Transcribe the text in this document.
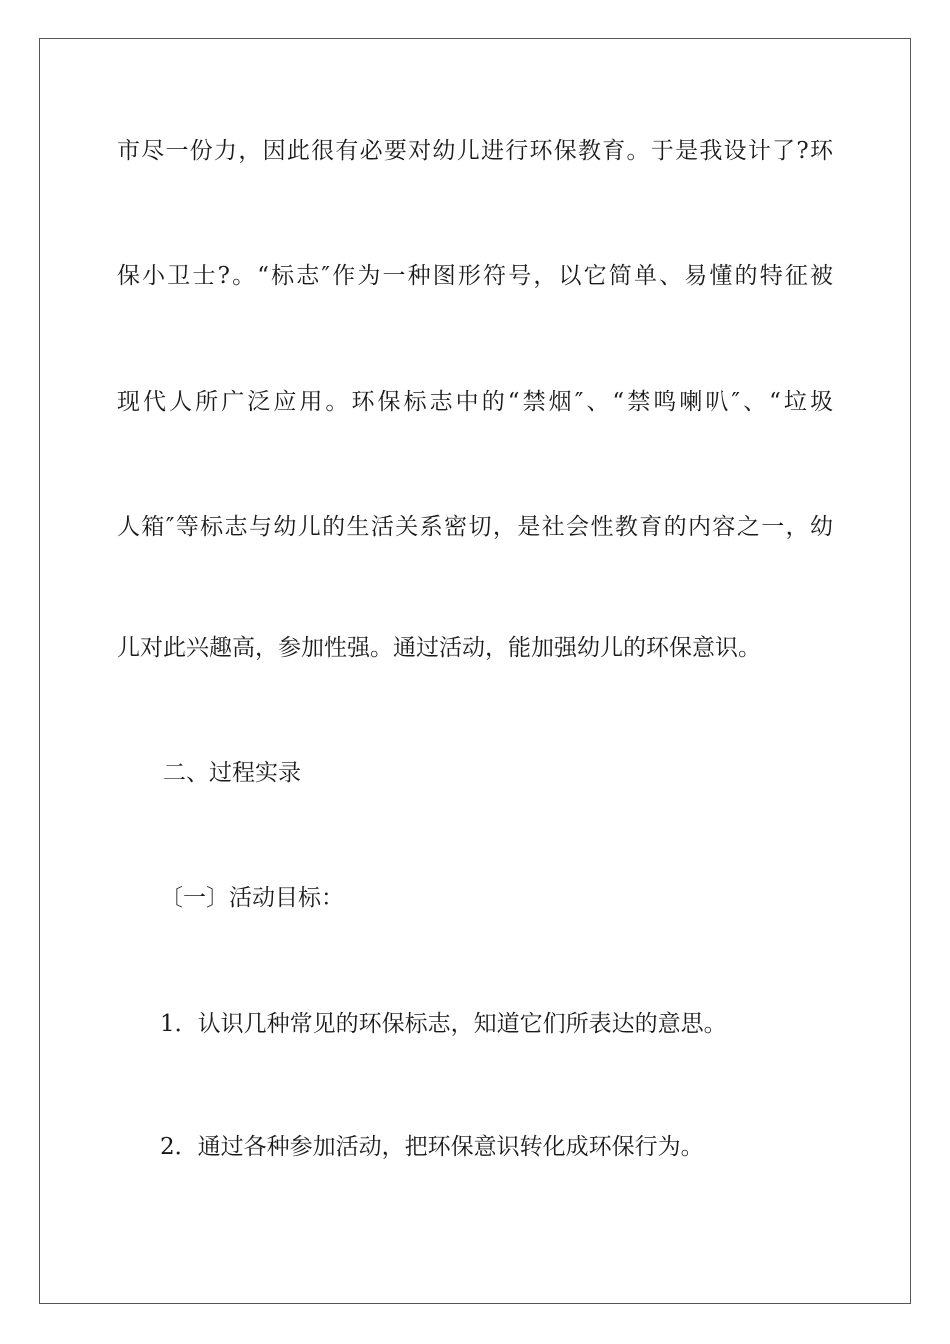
市尽一份力，因此很有必要对幼儿进行环保教育。于是我设计了?环
保小卫士?。“标志″作为一种图形符号，以它简单、易懂的特征被
现代人所广泛应用。环保标志中的“禁烟″、“禁鸣喇叭″、“垃圾
人箱″等标志与幼儿的生活关系密切，是社会性教育的内容之一，幼
儿对此兴趣高，参加性强。通过活动，能加强幼儿的环保意识。
二、过程实录
〔一〕活动目标：
1．认识几种常见的环保标志，知道它们所表达的意思。
2．通过各种参加活动，把环保意识转化成环保行为。
